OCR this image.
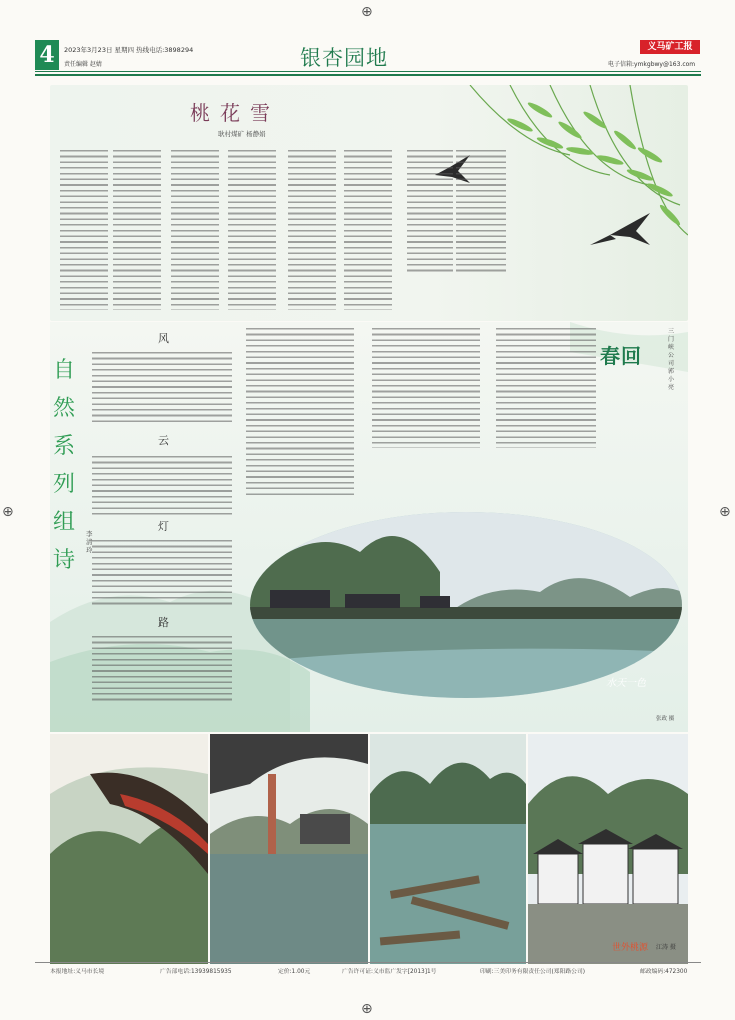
⊕
⊕
⊕	⊕
4	2023年3月23日 星期四 热线电话:3898294
责任编辑 赵婧	银杏园地	义马矿工报
电子信箱:ymkgbwy@163.com
桃花雪
耿村煤矿 杨静娟
自
然
系
列
组
诗
李清玲
风
云
灯
路
春回
三门峡公司 郭小亮
水天一色
张政 摄
世外桃源 江涛 摄
本报地址:义马市长境	广告部电话:13939815935	定价:1.00元	广告许可证:义市监广发字[2013]1号	印刷:三美印务有限责任公司(郑阳路公司)	邮政编码:472300
